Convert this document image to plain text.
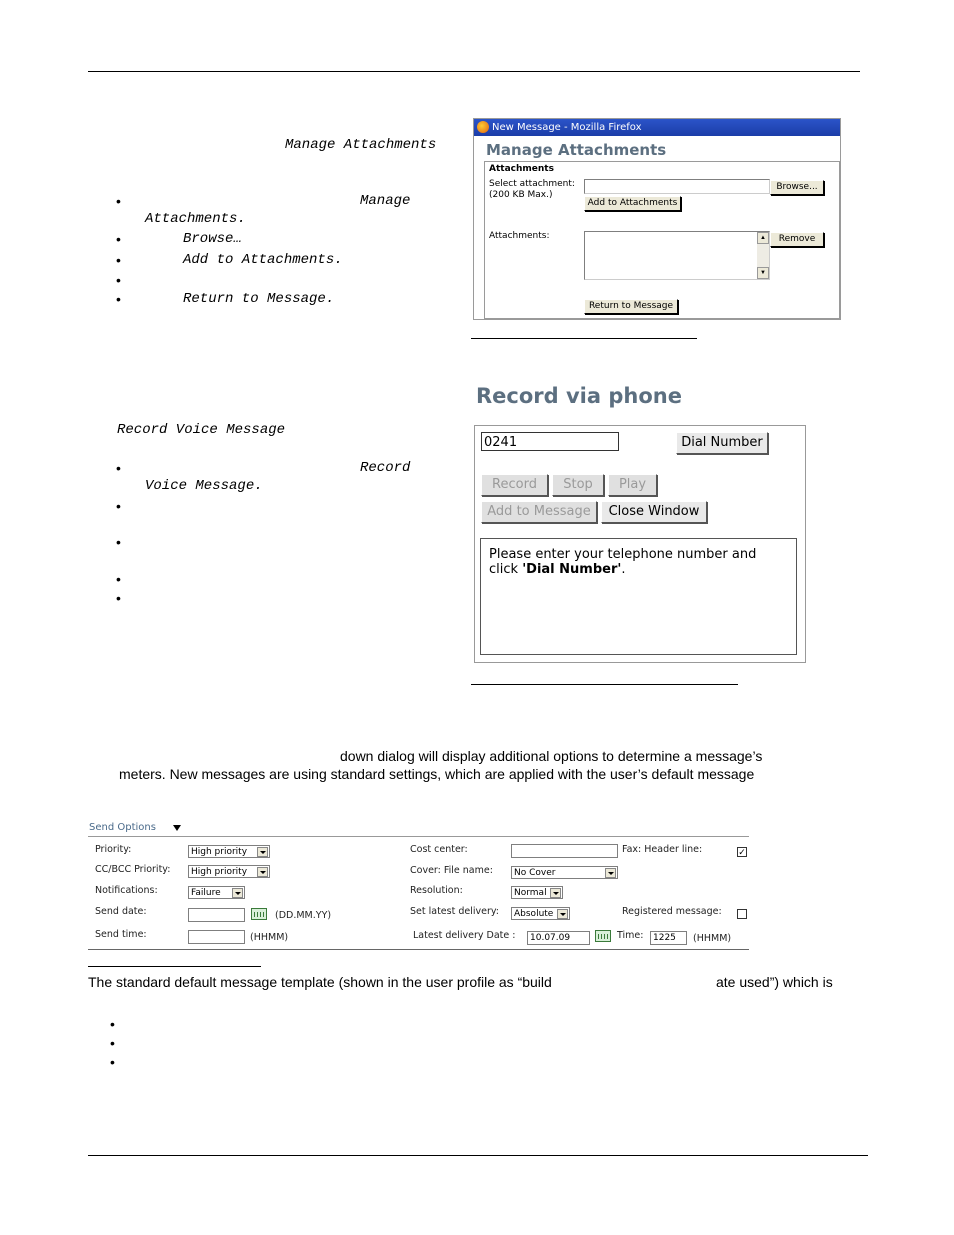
Manage Attachments
•	Manage
Attachments.
•	Browse…
•	Add to Attachments.
•
•	Return to Message.
New Message - Mozilla Firefox
Manage Attachments
Attachments
Select attachment:
(200 KB Max.)
Browse...
Add to Attachments
Attachments:	▲
▼
Remove
Return to Message
Record Voice Message
•	Record
Voice Message.
•
•
•
•
Record via phone
0241	Dial Number
Record	Stop	Play
Add to Message	Close Window
Please enter your telephone number and
click 'Dial Number'.
down dialog will display additional options to determine a message’s
meters. New messages are using standard settings, which are applied with the user’s default message
Send Options
Priority:	High priority
CC/BCC Priority:	High priority
Notifications:	Failure
Send date:	(DD.MM.YY)
Send time:	(HHMM)
Cost center:
Cover: File name:	No Cover
Resolution:	Normal
Set latest delivery:	Absolute
Latest delivery Date :	10.07.09	Time:	1225	(HHMM)
Fax: Header line:	✓
Registered message:
The standard default message template (shown in the user profile as “build	ate used”) which is
•
•
•
